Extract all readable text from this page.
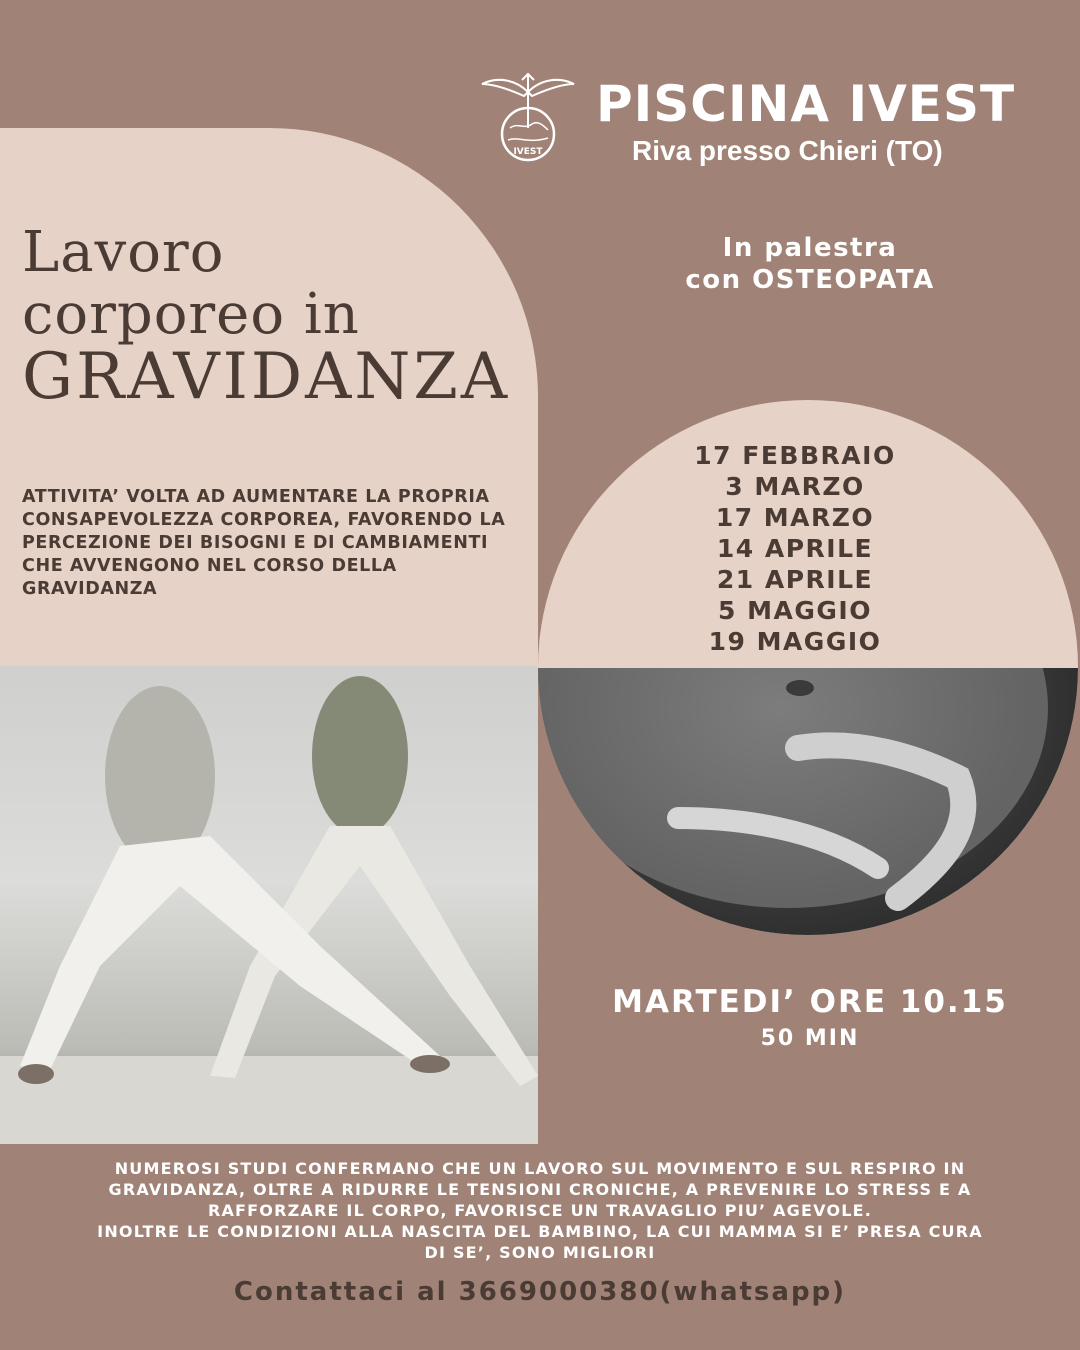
IVEST
PISCINA IVEST
Riva presso Chieri (TO)
Lavoro
corporeo in
GRAVIDANZA
ATTIVITA’ VOLTA AD AUMENTARE LA PROPRIA CONSAPEVOLEZZA CORPOREA, FAVORENDO LA PERCEZIONE DEI BISOGNI E DI CAMBIAMENTI CHE AVVENGONO NEL CORSO DELLA GRAVIDANZA
In palestra
con OSTEOPATA
17 FEBBRAIO
3 MARZO
17 MARZO
14 APRILE
21 APRILE
5 MAGGIO
19 MAGGIO
MARTEDI’ ORE 10.15
50 MIN
NUMEROSI STUDI CONFERMANO CHE UN LAVORO SUL MOVIMENTO E SUL RESPIRO IN
GRAVIDANZA, OLTRE A RIDURRE LE TENSIONI CRONICHE, A PREVENIRE LO STRESS E A
RAFFORZARE IL CORPO, FAVORISCE UN TRAVAGLIO PIU’ AGEVOLE.
INOLTRE LE CONDIZIONI ALLA NASCITA DEL BAMBINO, LA CUI MAMMA SI E’ PRESA CURA
DI SE’, SONO MIGLIORI
Contattaci al 3669000380(whatsapp)
